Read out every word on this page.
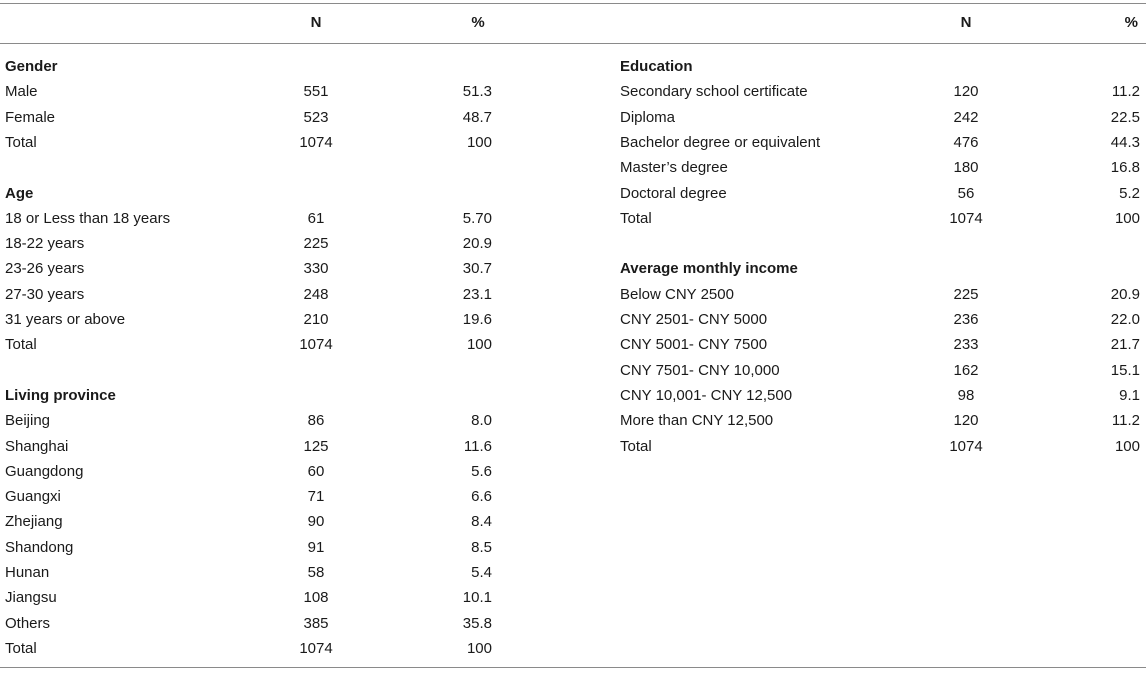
N	%	N	%
Gender
Male	551	51.3
Female	523	48.7
Total	1074	100
Age
18 or Less than 18 years	61	5.70
18-22 years	225	20.9
23-26 years	330	30.7
27-30 years	248	23.1
31 years or above	210	19.6
Total	1074	100
Living province
Beijing	86	8.0
Shanghai	125	11.6
Guangdong	60	5.6
Guangxi	71	6.6
Zhejiang	90	8.4
Shandong	91	8.5
Hunan	58	5.4
Jiangsu	108	10.1
Others	385	35.8
Total	1074	100
Education
Secondary school certificate	120	11.2
Diploma	242	22.5
Bachelor degree or equivalent	476	44.3
Master’s degree	180	16.8
Doctoral degree	56	5.2
Total	1074	100
Average monthly income
Below CNY 2500	225	20.9
CNY 2501- CNY 5000	236	22.0
CNY 5001- CNY 7500	233	21.7
CNY 7501- CNY 10,000	162	15.1
CNY 10,001- CNY 12,500	98	9.1
More than CNY 12,500	120	11.2
Total	1074	100
